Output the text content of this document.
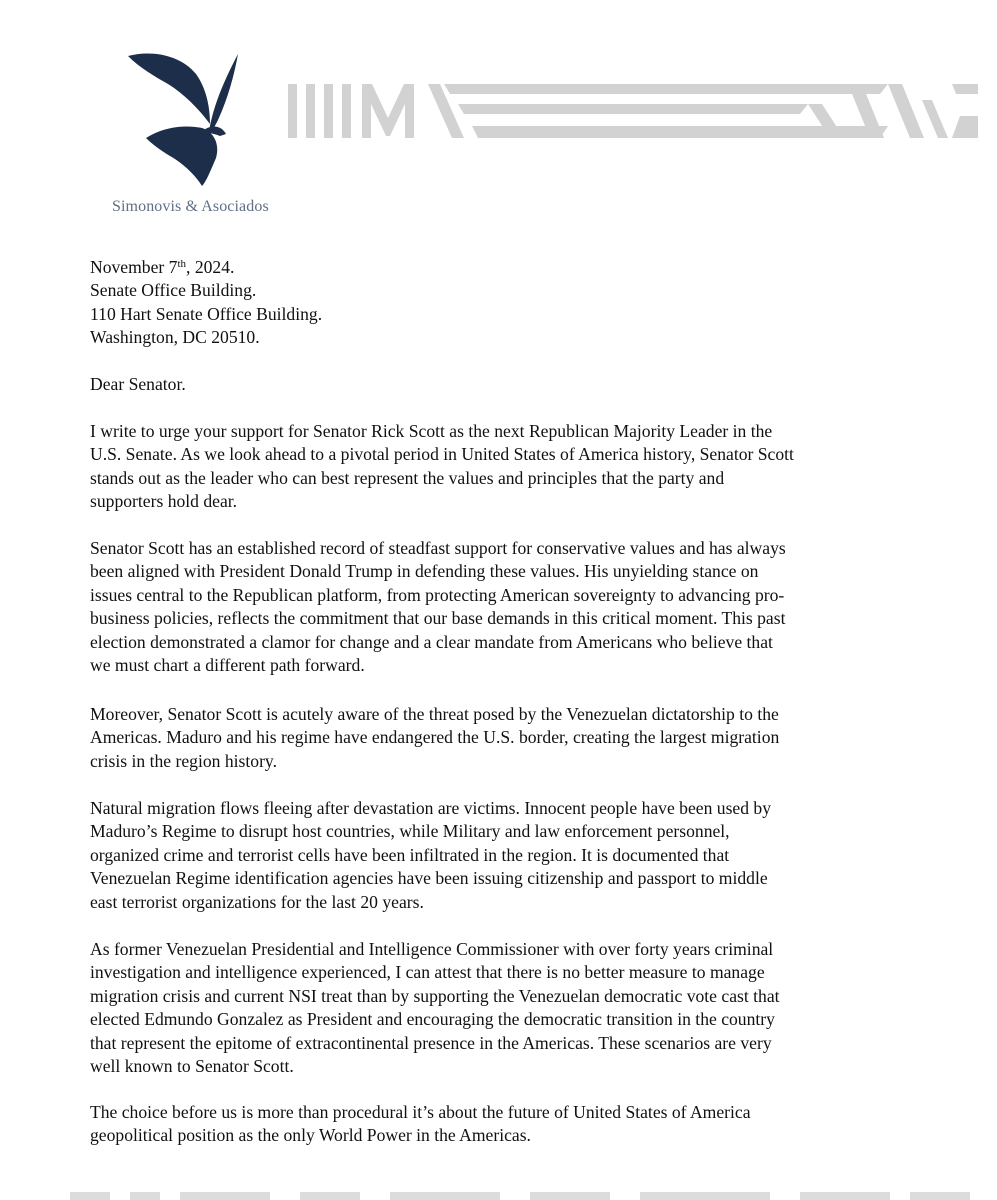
Simonovis & Asociados

November 7th, 2024.

Senate Office Building.

110 Hart Senate Office Building.

Washington, DC 20510.

Dear Senator.

I write to urge your support for Senator Rick Scott as the next Republican Majority Leader in the

U.S. Senate. As we look ahead to a pivotal period in United States of America history, Senator Scott

stands out as the leader who can best represent the values and principles that the party and

supporters hold dear.

Senator Scott has an established record of steadfast support for conservative values and has always

been aligned with President Donald Trump in defending these values. His unyielding stance on

issues central to the Republican platform, from protecting American sovereignty to advancing pro-

business policies, reflects the commitment that our base demands in this critical moment. This past

election demonstrated a clamor for change and a clear mandate from Americans who believe that

we must chart a different path forward.

Moreover, Senator Scott is acutely aware of the threat posed by the Venezuelan dictatorship to the

Americas. Maduro and his regime have endangered the U.S. border, creating the largest migration

crisis in the region history.

Natural migration flows fleeing after devastation are victims. Innocent people have been used by

Maduro’s Regime to disrupt host countries, while Military and law enforcement personnel,

organized crime and terrorist cells have been infiltrated in the region. It is documented that

Venezuelan Regime identification agencies have been issuing citizenship and passport to middle

east terrorist organizations for the last 20 years.

As former Venezuelan Presidential and Intelligence Commissioner with over forty years criminal

investigation and intelligence experienced, I can attest that there is no better measure to manage

migration crisis and current NSI treat than by supporting the Venezuelan democratic vote cast that

elected Edmundo Gonzalez as President and encouraging the democratic transition in the country

that represent the epitome of extracontinental presence in the Americas. These scenarios are very

well known to Senator Scott.

The choice before us is more than procedural it’s about the future of United States of America

geopolitical position as the only World Power in the Americas.
